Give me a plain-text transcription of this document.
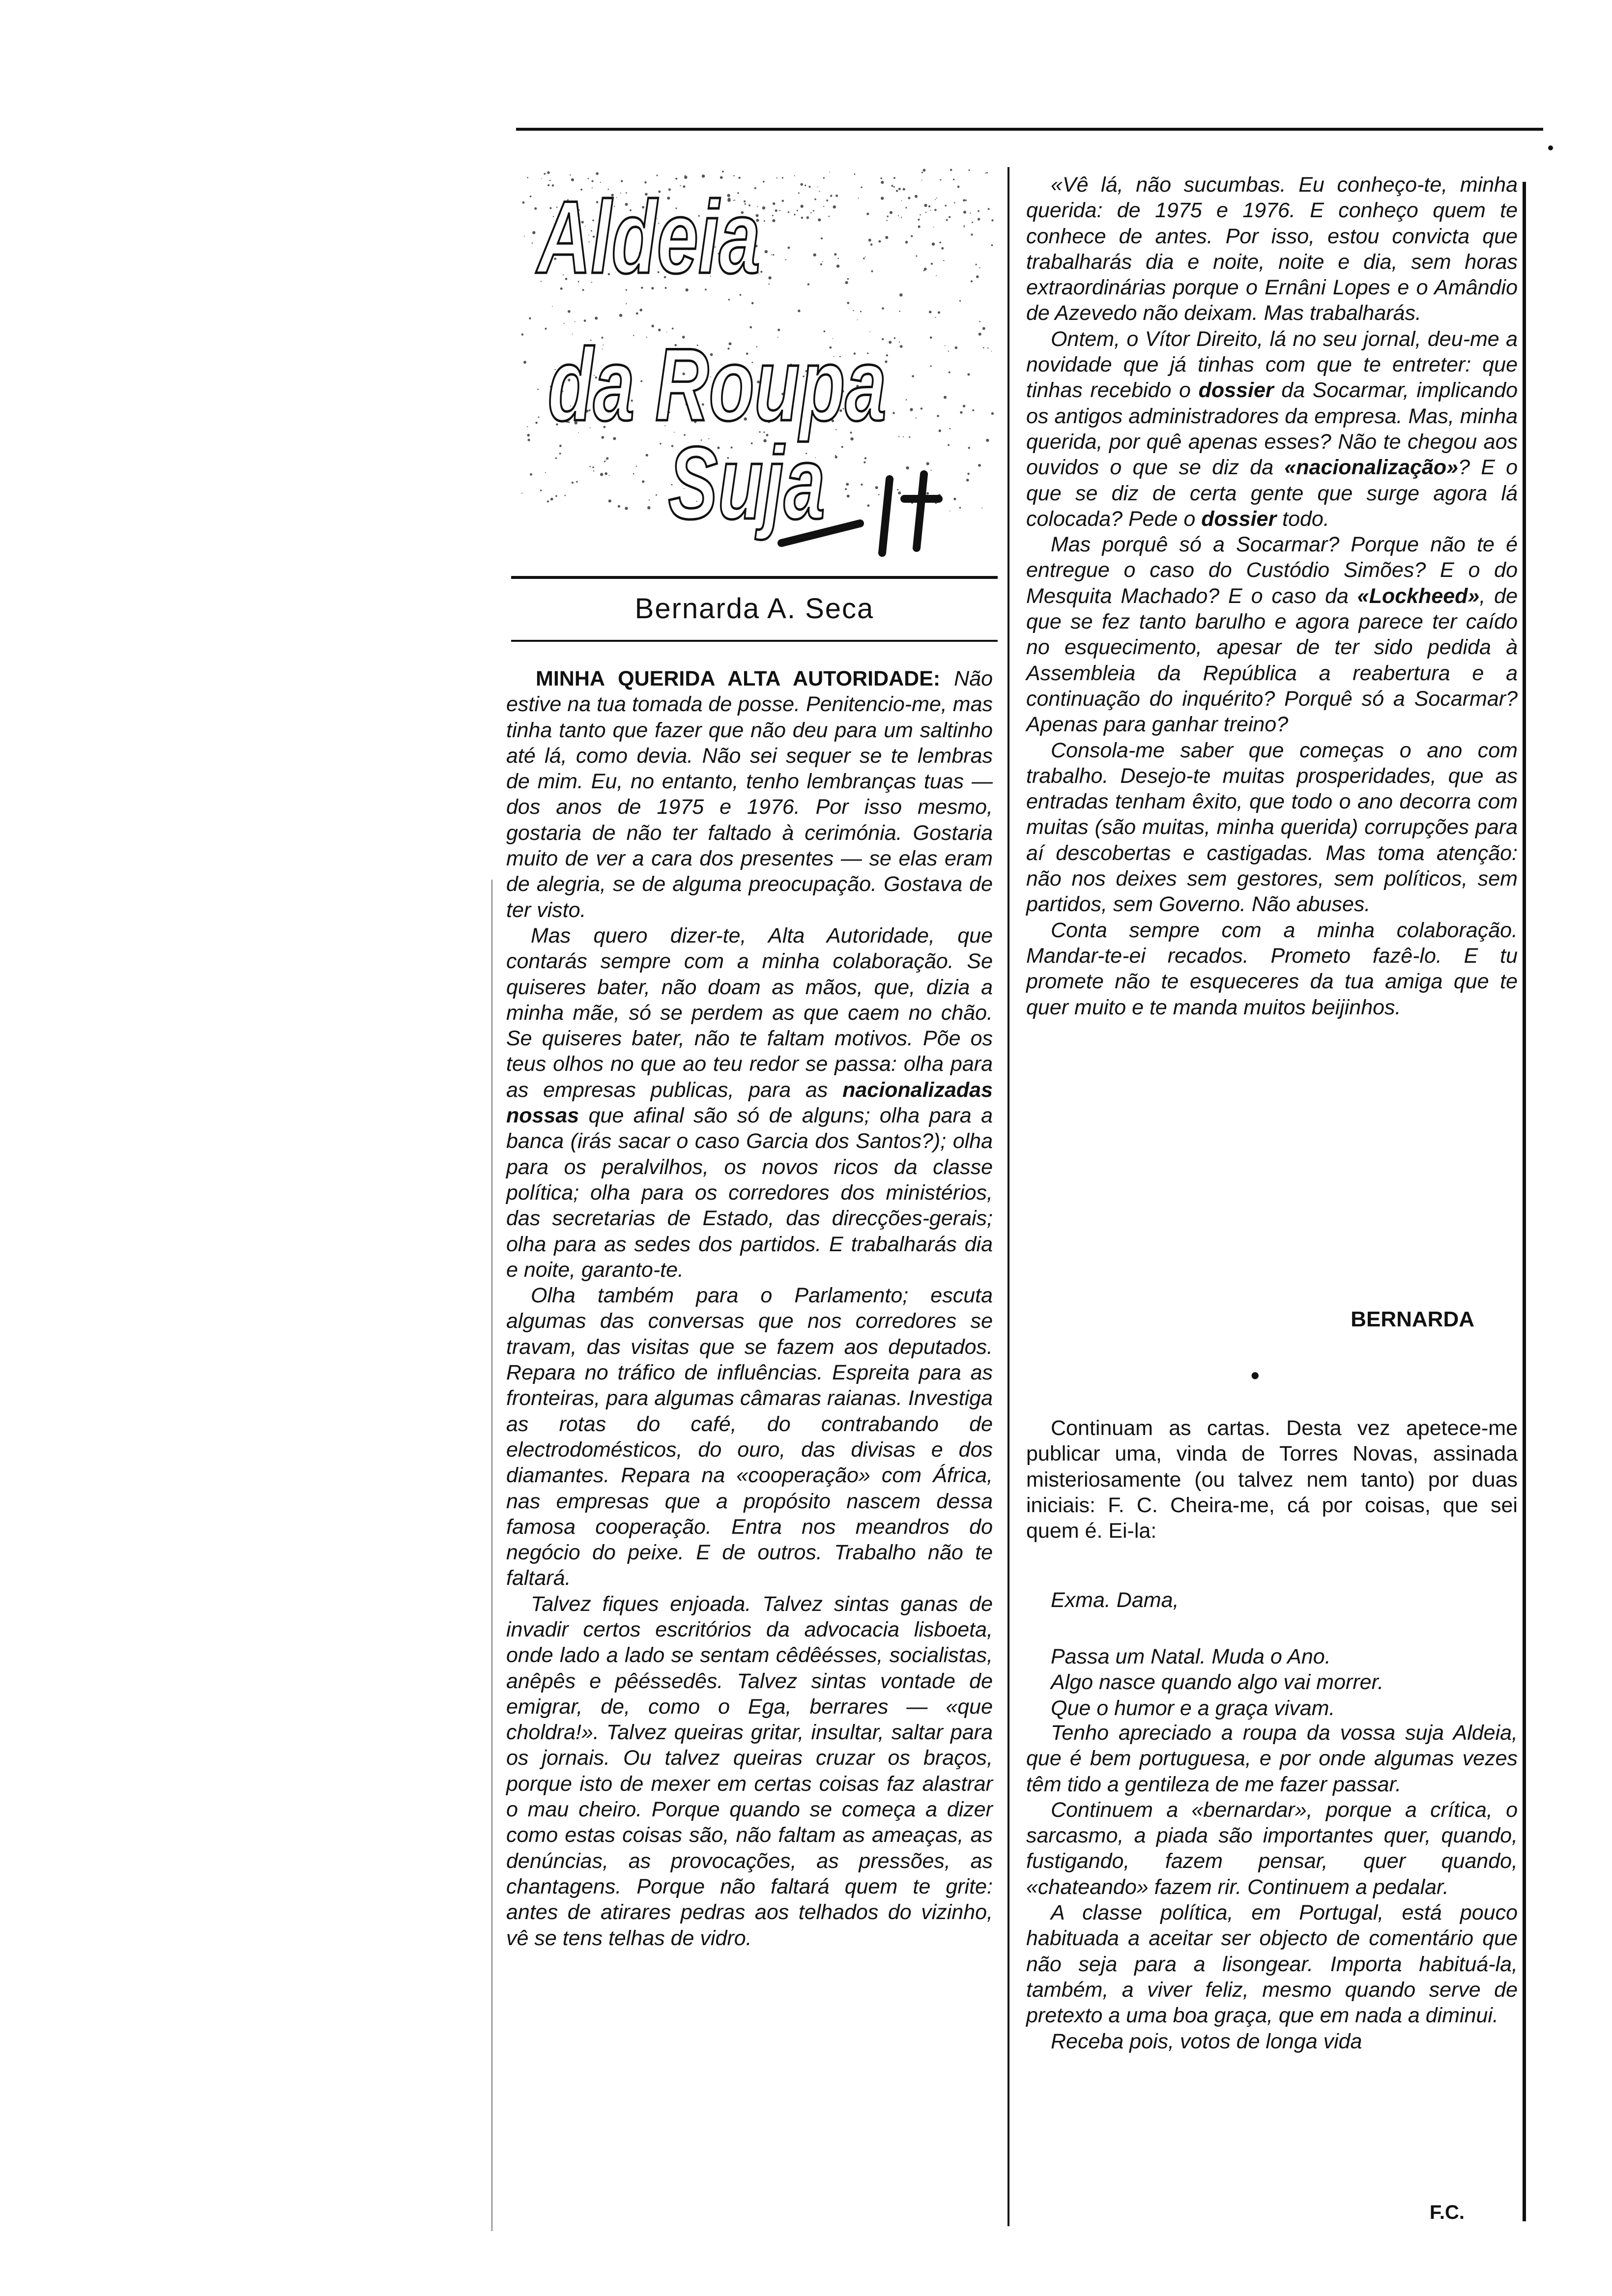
Aldeia
da Roupa
Suja
Bernarda A. Seca

MINHA QUERIDA ALTA AUTORIDADE: Não estive na tua tomada de posse. Penitencio-me, mas tinha tanto que fazer que não deu para um saltinho até lá, como devia. Não sei sequer se te lembras de mim. Eu, no entanto, tenho lembranças tuas — dos anos de 1975 e 1976. Por isso mesmo, gostaria de não ter faltado à cerimónia. Gostaria muito de ver a cara dos presentes — se elas eram de alegria, se de alguma preocupação. Gostava de ter visto.

Mas quero dizer-te, Alta Autoridade, que contarás sempre com a minha colaboração. Se quiseres bater, não doam as mãos, que, dizia a minha mãe, só se perdem as que caem no chão. Se quiseres bater, não te faltam motivos. Põe os teus olhos no que ao teu redor se passa: olha para as empresas publicas, para as nacionalizadas nossas que afinal são só de alguns; olha para a banca (irás sacar o caso Garcia dos Santos?); olha para os peralvilhos, os novos ricos da classe política; olha para os corredores dos ministérios, das secretarias de Estado, das direcções-gerais; olha para as sedes dos partidos. E trabalharás dia e noite, garanto-te.

Olha também para o Parlamento; escuta algumas das conversas que nos corredores se travam, das visitas que se fazem aos deputados. Repara no tráfico de influências. Espreita para as fronteiras, para algumas câmaras raianas. Investiga as rotas do café, do contrabando de electrodomésticos, do ouro, das divisas e dos diamantes. Repara na «cooperação» com África, nas empresas que a propósito nascem dessa famosa cooperação. Entra nos meandros do negócio do peixe. E de outros. Trabalho não te faltará.

Talvez fiques enjoada. Talvez sintas ganas de invadir certos escritórios da advocacia lisboeta, onde lado a lado se sentam cêdêésses, socialistas, anêpês e pêéssedês. Talvez sintas vontade de emigrar, de, como o Ega, berrares — «que choldra!». Talvez queiras gritar, insultar, saltar para os jornais. Ou talvez queiras cruzar os braços, porque isto de mexer em certas coisas faz alastrar o mau cheiro. Porque quando se começa a dizer como estas coisas são, não faltam as ameaças, as denúncias, as provocações, as pressões, as chantagens. Porque não faltará quem te grite: antes de atirares pedras aos telhados do vizinho, vê se tens telhas de vidro.

«Vê lá, não sucumbas. Eu conheço-te, minha querida: de 1975 e 1976. E conheço quem te conhece de antes. Por isso, estou convicta que trabalharás dia e noite, noite e dia, sem horas extraordinárias porque o Ernâni Lopes e o Amândio de Azevedo não deixam. Mas trabalharás.

Ontem, o Vítor Direito, lá no seu jornal, deu-me a novidade que já tinhas com que te entreter: que tinhas recebido o dossier da Socarmar, implicando os antigos administradores da empresa. Mas, minha querida, por quê apenas esses? Não te chegou aos ouvidos o que se diz da «nacionalização»? E o que se diz de certa gente que surge agora lá colocada? Pede o dossier todo.

Mas porquê só a Socarmar? Porque não te é entregue o caso do Custódio Simões? E o do Mesquita Machado? E o caso da «Lockheed», de que se fez tanto barulho e agora parece ter caído no esquecimento, apesar de ter sido pedida à Assembleia da República a reabertura e a continuação do inquérito? Porquê só a Socarmar? Apenas para ganhar treino?

Consola-me saber que começas o ano com trabalho. Desejo-te muitas prosperidades, que as entradas tenham êxito, que todo o ano decorra com muitas (são muitas, minha querida) corrupções para aí descobertas e castigadas. Mas toma atenção: não nos deixes sem gestores, sem políticos, sem partidos, sem Governo. Não abuses.

Conta sempre com a minha colaboração. Mandar-te-ei recados. Prometo fazê-lo. E tu promete não te esqueceres da tua amiga que te quer muito e te manda muitos beijinhos.

BERNARDA
•

Continuam as cartas. Desta vez apetece-me publicar uma, vinda de Torres Novas, assinada misteriosamente (ou talvez nem tanto) por duas iniciais: F. C. Cheira-me, cá por coisas, que sei quem é. Ei-la:

Exma. Dama,

Passa um Natal. Muda o Ano.

Algo nasce quando algo vai morrer.

Que o humor e a graça vivam.

Tenho apreciado a roupa da vossa suja Aldeia, que é bem portuguesa, e por onde algumas vezes têm tido a gentileza de me fazer passar.

Continuem a «bernardar», porque a crítica, o sarcasmo, a piada são importantes quer, quando, fustigando, fazem pensar, quer quando, «chateando» fazem rir. Continuem a pedalar.

A classe política, em Portugal, está pouco habituada a aceitar ser objecto de comentário que não seja para a lisongear. Importa habituá-la, também, a viver feliz, mesmo quando serve de pretexto a uma boa graça, que em nada a diminui.

Receba pois, votos de longa vida

F.C.
